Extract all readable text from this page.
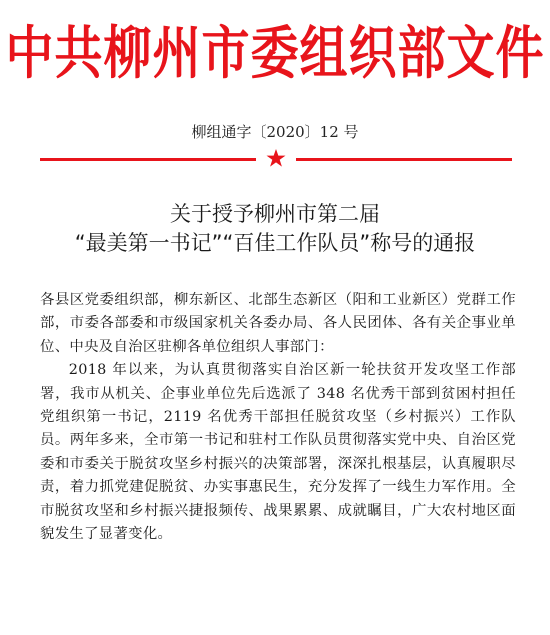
中共柳州市委组织部文件
柳组通字〔2020〕12 号
关于授予柳州市第二届
“最美第一书记”“百佳工作队员”称号的通报

各县区党委组织部，柳东新区、北部生态新区（阳和工业新区）党群工作部，市委各部委和市级国家机关各委办局、各人民团体、各有关企事业单位、中央及自治区驻柳各单位组织人事部门：

2018 年以来，为认真贯彻落实自治区新一轮扶贫开发攻坚工作部署，我市从机关、企事业单位先后选派了 348 名优秀干部到贫困村担任党组织第一书记，2119 名优秀干部担任脱贫攻坚（乡村振兴）工作队员。两年多来，全市第一书记和驻村工作队员贯彻落实党中央、自治区党委和市委关于脱贫攻坚乡村振兴的决策部署，深深扎根基层，认真履职尽责，着力抓党建促脱贫、办实事惠民生，充分发挥了一线生力军作用。全市脱贫攻坚和乡村振兴捷报频传、战果累累、成就瞩目，广大农村地区面貌发生了显著变化。
